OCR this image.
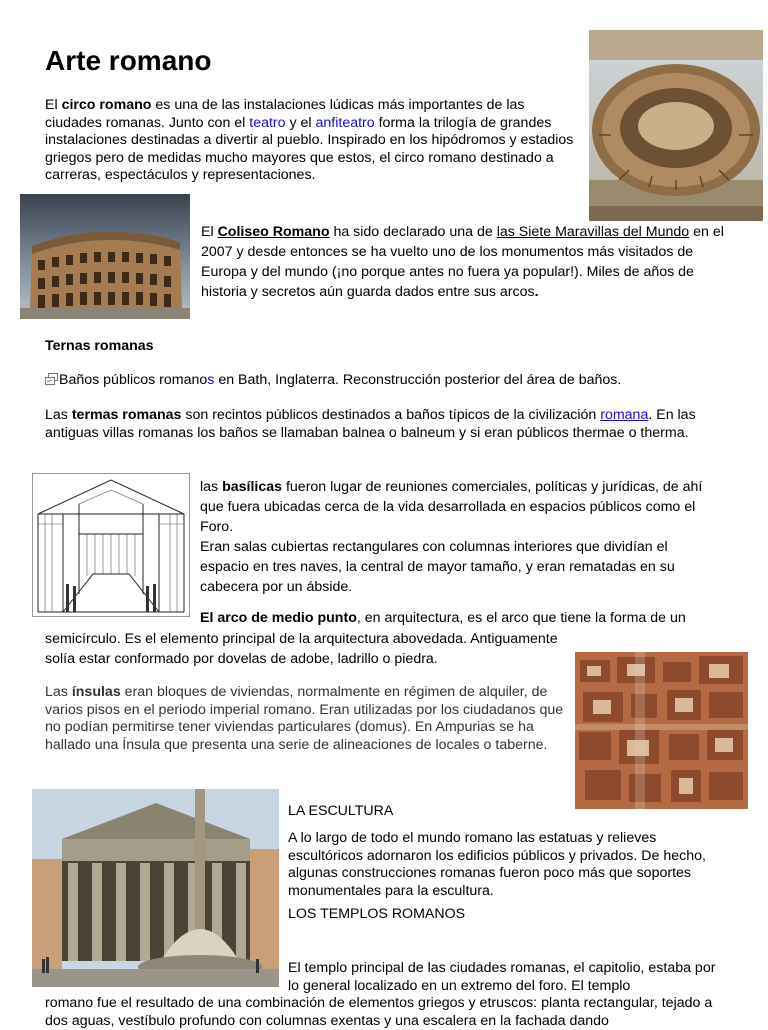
Arte romano
El circo romano es una de las instalaciones lúdicas más importantes de las ciudades romanas. Junto con el teatro y el anfiteatro forma la trilogía de grandes instalaciones destinadas a divertir al pueblo. Inspirado en los hipódromos y estadios griegos pero de medidas mucho mayores que estos, el circo romano destinado a carreras, espectáculos y representaciones.
El Coliseo Romano ha sido declarado una de las Siete Maravillas del Mundo en el 2007 y desde entonces se ha vuelto uno de los monumentos más visitados de Europa y del mundo (¡no porque antes no fuera ya popular!). Miles de años de historia y secretos aún guarda dados entre sus arcos.
Ternas romanas
Baños públicos romanos en Bath, Inglaterra. Reconstrucción posterior del área de baños.
Las termas romanas son recintos públicos destinados a baños típicos de la civilización romana. En las antiguas villas romanas los baños se llamaban balnea o balneum y si eran públicos thermae o therma.
las basílicas fueron lugar de reuniones comerciales, políticas y jurídicas, de ahí que fuera ubicadas cerca de la vida desarrollada en espacios públicos como el Foro.
Eran salas cubiertas rectangulares con columnas interiores que dividían el espacio en tres naves, la central de mayor tamaño, y eran rematadas en su cabecera por un ábside.
El arco de medio punto, en arquitectura, es el arco que tiene la forma de un
semicírculo. Es el elemento principal de la arquitectura abovedada. Antiguamente solía estar conformado por dovelas de adobe, ladrillo o piedra.
Las ínsulas eran bloques de viviendas, normalmente en régimen de alquiler, de varios pisos en el periodo imperial romano. Eran utilizadas por los ciudadanos que no podían permitirse tener viviendas particulares (domus). En Ampurias se ha hallado una Ínsula que presenta una serie de alineaciones de locales o taberne.
LA ESCULTURA
A lo largo de todo el mundo romano las estatuas y relieves escultóricos adornaron los edificios públicos y privados. De hecho, algunas construcciones romanas fueron poco más que soportes monumentales para la escultura.
LOS TEMPLOS ROMANOS
El templo principal de las ciudades romanas, el capitolio, estaba por lo general localizado en un extremo del foro. El templo
romano fue el resultado de una combinación de elementos griegos y etruscos: planta rectangular, tejado a dos aguas, vestíbulo profundo con columnas exentas y una escalera en la fachada dando
